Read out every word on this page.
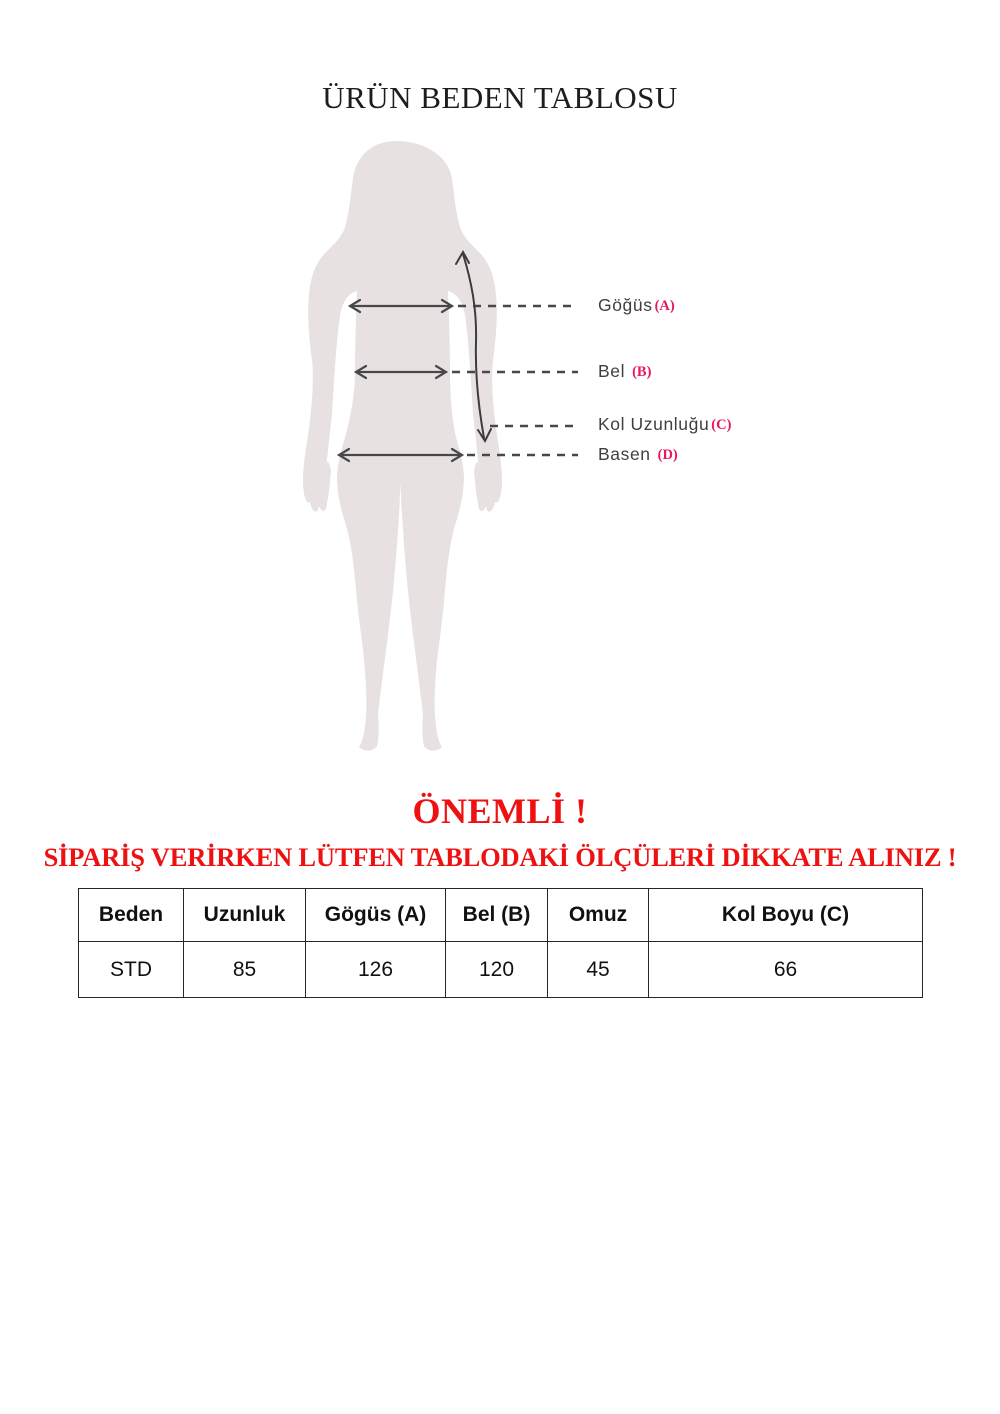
ÜRÜN BEDEN TABLOSU
Göğüs (A)
Bel (B)
Kol Uzunluğu (C)
Basen (D)
ÖNEMLİ !
SİPARİŞ VERİRKEN LÜTFEN TABLODAKİ ÖLÇÜLERİ DİKKATE ALINIZ !
Beden	Uzunluk	Gögüs (A)	Bel (B)	Omuz	Kol Boyu (C)
STD	85	126	120	45	66
